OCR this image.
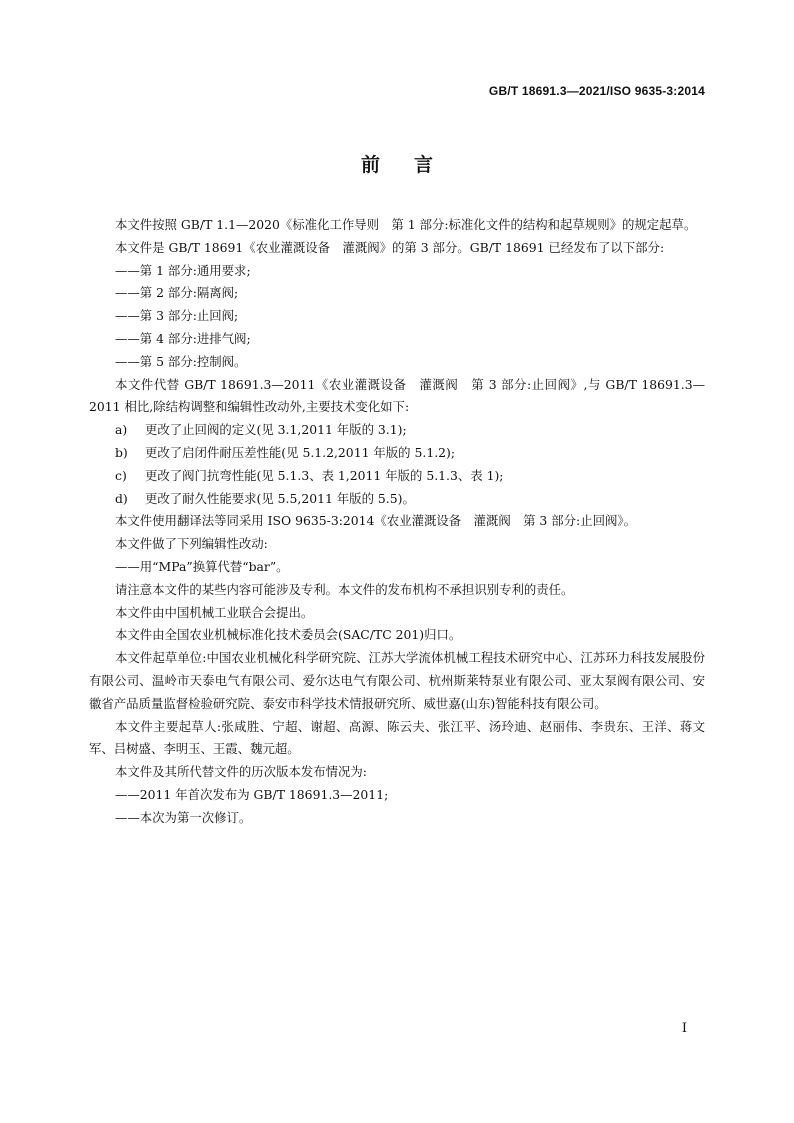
GB/T 18691.3—2021/ISO 9635-3:2014
前言

本文件按照 GB/T 1.1—2020《标准化工作导则　第 1 部分:标准化文件的结构和起草规则》的规定起草。

本文件是 GB/T 18691《农业灌溉设备　灌溉阀》的第 3 部分。GB/T 18691 已经发布了以下部分:

——第 1 部分:通用要求;

——第 2 部分:隔离阀;

——第 3 部分:止回阀;

——第 4 部分:进排气阀;

——第 5 部分:控制阀。

本文件代替 GB/T 18691.3—2011《农业灌溉设备　灌溉阀　第 3 部分:止回阀》,与 GB/T 18691.3—2011 相比,除结构调整和编辑性改动外,主要技术变化如下:

a) 更改了止回阀的定义(见 3.1,2011 年版的 3.1);

b) 更改了启闭件耐压差性能(见 5.1.2,2011 年版的 5.1.2);

c) 更改了阀门抗弯性能(见 5.1.3、表 1,2011 年版的 5.1.3、表 1);

d) 更改了耐久性能要求(见 5.5,2011 年版的 5.5)。

本文件使用翻译法等同采用 ISO 9635-3:2014《农业灌溉设备　灌溉阀　第 3 部分:止回阀》。

本文件做了下列编辑性改动:

——用“MPa”换算代替“bar”。

请注意本文件的某些内容可能涉及专利。本文件的发布机构不承担识别专利的责任。

本文件由中国机械工业联合会提出。

本文件由全国农业机械标准化技术委员会(SAC/TC 201)归口。

本文件起草单位:中国农业机械化科学研究院、江苏大学流体机械工程技术研究中心、江苏环力科技发展股份有限公司、温岭市天泰电气有限公司、爱尔达电气有限公司、杭州斯莱特泵业有限公司、亚太泵阀有限公司、安徽省产品质量监督检验研究院、泰安市科学技术情报研究所、威世嘉(山东)智能科技有限公司。

本文件主要起草人:张咸胜、宁超、谢超、高源、陈云夫、张江平、汤玲迪、赵丽伟、李贵东、王洋、蒋文军、吕树盛、李明玉、王霞、魏元超。

本文件及其所代替文件的历次版本发布情况为:

——2011 年首次发布为 GB/T 18691.3—2011;

——本次为第一次修订。

I
